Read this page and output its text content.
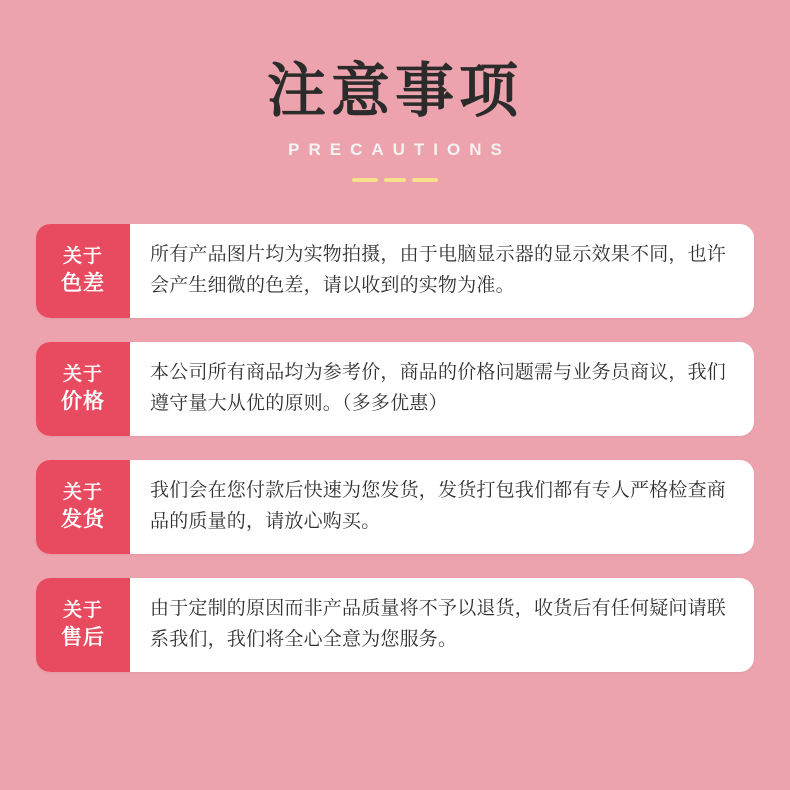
注意事项
PRECAUTIONS
关于
色差
所有产品图片均为实物拍摄，由于电脑显示器的显示效果不同，也许会产生细微的色差，请以收到的实物为准。
关于
价格
本公司所有商品均为参考价，商品的价格问题需与业务员商议，我们遵守量大从优的原则。（多多优惠）
关于
发货
我们会在您付款后快速为您发货，发货打包我们都有专人严格检查商品的质量的，请放心购买。
关于
售后
由于定制的原因而非产品质量将不予以退货，收货后有任何疑问请联系我们，我们将全心全意为您服务。
